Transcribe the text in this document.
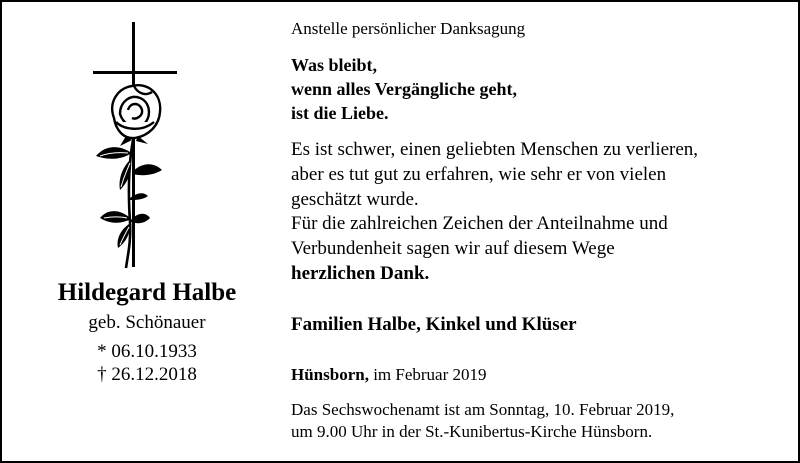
Hildegard Halbe
geb. Schönauer
* 06.10.1933
† 26.12.2018
Anstelle persönlicher Danksagung
Was bleibt,
wenn alles Vergängliche geht,
ist die Liebe.
Es ist schwer, einen geliebten Menschen zu verlieren,
aber es tut gut zu erfahren, wie sehr er von vielen
geschätzt wurde.
Für die zahlreichen Zeichen der Anteilnahme und
Verbundenheit sagen wir auf diesem Wege
herzlichen Dank.
Familien Halbe, Kinkel und Klüser
Hünsborn, im Februar 2019
Das Sechswochenamt ist am Sonntag, 10. Februar 2019,
um 9.00 Uhr in der St.-Kunibertus-Kirche Hünsborn.
